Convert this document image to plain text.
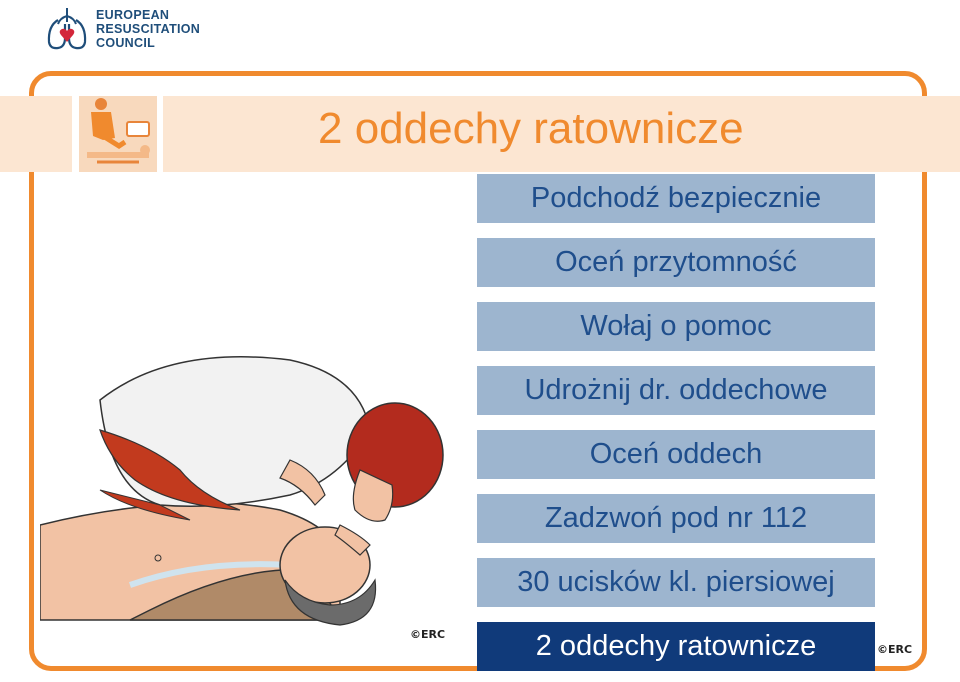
EUROPEAN
RESUSCITATION
COUNCIL
2 oddechy ratownicze
Podchodź bezpiecznie
Oceń przytomność
Wołaj o pomoc
Udrożnij dr. oddechowe
Oceń oddech
Zadzwoń pod nr 112
30 ucisków kl. piersiowej
2 oddechy ratownicze
©ERC
©ERC
